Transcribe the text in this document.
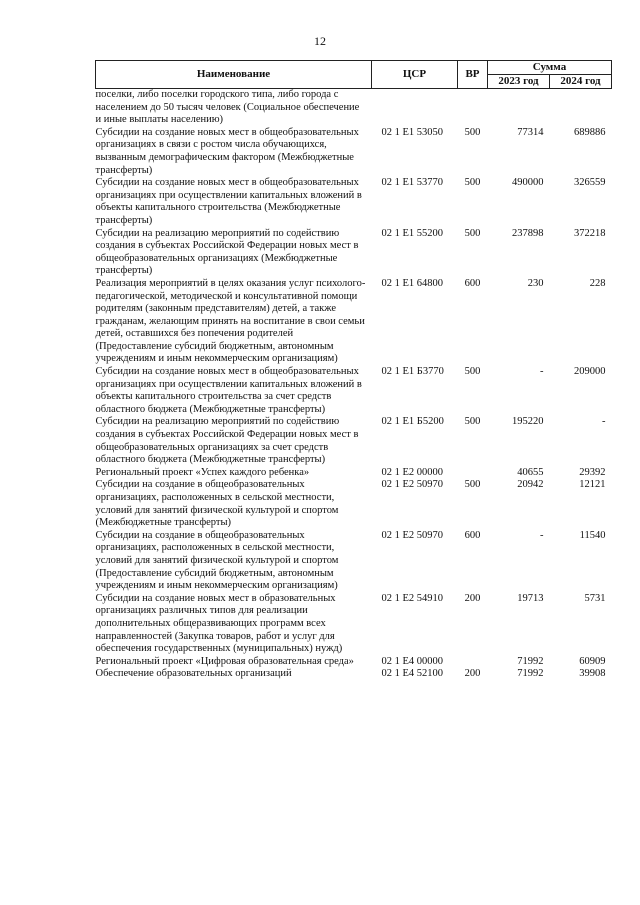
12
Наименование	ЦСР	ВР	Сумма	
			2023 год	2024 год
поселки, либо поселки городского типа, либо города с населением до 50 тысяч человек (Социальное обеспечение и иные выплаты населению)				
Субсидии на создание новых мест в общеобразовательных организациях в связи с ростом числа обучающихся, вызванным демографическим фактором (Межбюджетные трансферты)	02 1 E1 53050	500	77314	689886
Субсидии на создание новых мест в общеобразовательных организациях при осуществлении капитальных вложений в объекты капитального строительства (Межбюджетные трансферты)	02 1 E1 53770	500	490000	326559
Субсидии на реализацию мероприятий по содействию создания в субъектах Российской Федерации новых мест в общеобразовательных организациях (Межбюджетные трансферты)	02 1 E1 55200	500	237898	372218
Реализация мероприятий в целях оказания услуг психолого-педагогической, методической и консультативной помощи родителям (законным представителям) детей, а также гражданам, желающим принять на воспитание в свои семьи детей, оставшихся без попечения родителей (Предоставление субсидий бюджетным, автономным учреждениям и иным некоммерческим организациям)	02 1 E1 64800	600	230	228
Субсидии на создание новых мест в общеобразовательных организациях при осуществлении капитальных вложений в объекты капитального строительства за счет средств областного бюджета (Межбюджетные трансферты)	02 1 E1 Б3770	500	-	209000
Субсидии на реализацию мероприятий по содействию создания в субъектах Российской Федерации новых мест в общеобразовательных организациях за счет средств областного бюджета (Межбюджетные трансферты)	02 1 E1 Б5200	500	195220	-
Региональный проект «Успех каждого ребенка»	02 1 E2 00000		40655	29392
Субсидии на создание в общеобразовательных организациях, расположенных в сельской местности, условий для занятий физической культурой и спортом (Межбюджетные трансферты)	02 1 E2 50970	500	20942	12121
Субсидии на создание в общеобразовательных организациях, расположенных в сельской местности, условий для занятий физической культурой и спортом (Предоставление субсидий бюджетным, автономным учреждениям и иным некоммерческим организациям)	02 1 E2 50970	600	-	11540
Субсидии на создание новых мест в образовательных организациях различных типов для реализации дополнительных общеразвивающих программ всех направленностей (Закупка товаров, работ и услуг для обеспечения государственных (муниципальных) нужд)	02 1 E2 54910	200	19713	5731
Региональный проект «Цифровая образовательная среда»	02 1 E4 00000		71992	60909
Обеспечение образовательных организаций	02 1 E4 52100	200	71992	39908
